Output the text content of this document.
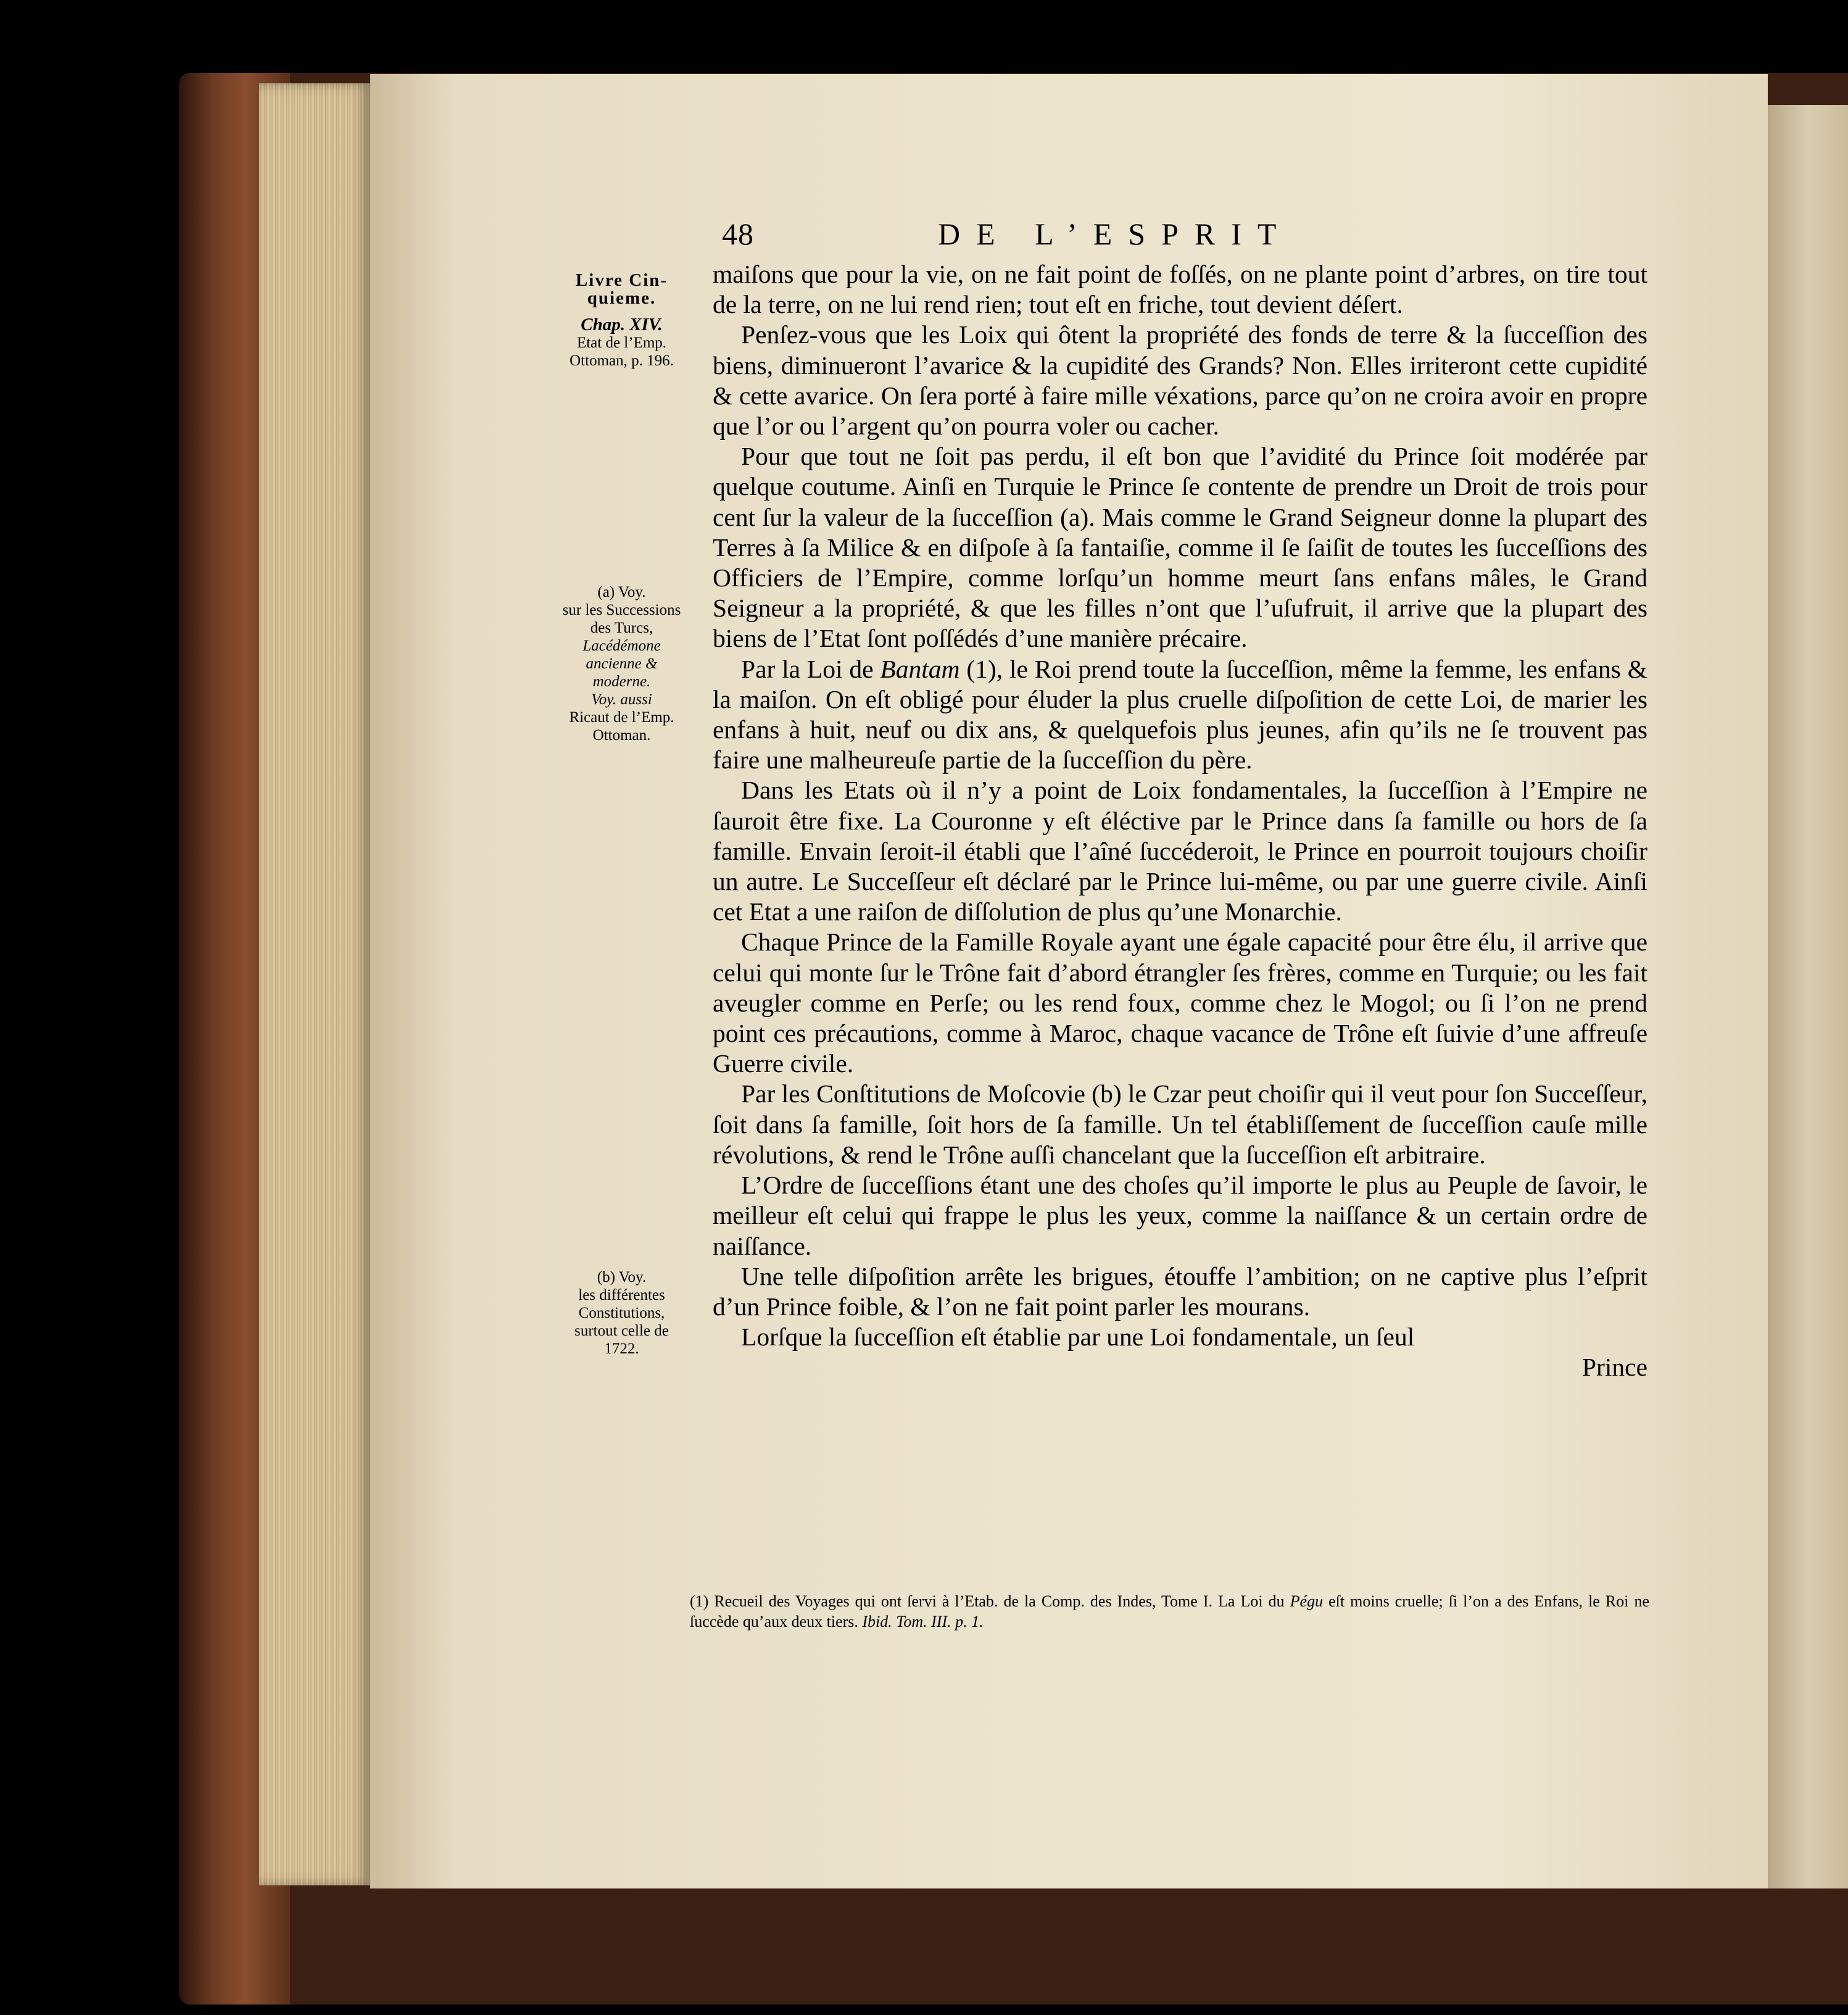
48	DE L’ESPRIT
Livre Cin-quieme.
Chap. XIV.
Etat de l’Emp. Ottoman, p. 196.
(a) Voy.
sur les Successions des Turcs,
Lacédémone ancienne & moderne.
Voy. aussi
Ricaut de l’Emp. Ottoman.
(b) Voy.
les différentes Constitutions, surtout celle de 1722.

maiſons que pour la vie, on ne fait point de foſſés, on ne plante point d’arbres, on tire tout de la terre, on ne lui rend rien; tout eſt en friche, tout devient déſert.

Penſez-vous que les Loix qui ôtent la propriété des fonds de terre & la ſucceſſion des biens, diminueront l’avarice & la cupidité des Grands? Non. Elles irriteront cette cupidité & cette avarice. On ſera porté à faire mille véxations, parce qu’on ne croira avoir en propre que l’or ou l’argent qu’on pourra voler ou cacher.

Pour que tout ne ſoit pas perdu, il eſt bon que l’avidité du Prince ſoit modérée par quelque coutume. Ainſi en Turquie le Prince ſe contente de prendre un Droit de trois pour cent ſur la valeur de la ſucceſſion (a). Mais comme le Grand Seigneur donne la plupart des Terres à ſa Milice & en diſpoſe à ſa fantaiſie, comme il ſe ſaiſit de toutes les ſucceſſions des Officiers de l’Empire, comme lorſqu’un homme meurt ſans enfans mâles, le Grand Seigneur a la propriété, & que les filles n’ont que l’uſufruit, il arrive que la plupart des biens de l’Etat ſont poſſédés d’une manière précaire.

Par la Loi de Bantam (1), le Roi prend toute la ſucceſſion, même la femme, les enfans & la maiſon. On eſt obligé pour éluder la plus cruelle diſpoſition de cette Loi, de marier les enfans à huit, neuf ou dix ans, & quelquefois plus jeunes, afin qu’ils ne ſe trouvent pas faire une malheureuſe partie de la ſucceſſion du père.

Dans les Etats où il n’y a point de Loix fondamentales, la ſucceſſion à l’Empire ne ſauroit être fixe. La Couronne y eſt éléctive par le Prince dans ſa famille ou hors de ſa famille. Envain ſeroit-il établi que l’aîné ſuccéderoit, le Prince en pourroit toujours choiſir un autre. Le Succeſſeur eſt déclaré par le Prince lui-même, ou par une guerre civile. Ainſi cet Etat a une raiſon de diſſolution de plus qu’une Monarchie.

Chaque Prince de la Famille Royale ayant une égale capacité pour être élu, il arrive que celui qui monte ſur le Trône fait d’abord étrangler ſes frères, comme en Turquie; ou les fait aveugler comme en Perſe; ou les rend foux, comme chez le Mogol; ou ſi l’on ne prend point ces précautions, comme à Maroc, chaque vacance de Trône eſt ſuivie d’une affreuſe Guerre civile.

Par les Conſtitutions de Moſcovie (b) le Czar peut choiſir qui il veut pour ſon Succeſſeur, ſoit dans ſa famille, ſoit hors de ſa famille. Un tel établiſſement de ſucceſſion cauſe mille révolutions, & rend le Trône auſſi chancelant que la ſucceſſion eſt arbitraire.

L’Ordre de ſucceſſions étant une des choſes qu’il importe le plus au Peuple de ſavoir, le meilleur eſt celui qui frappe le plus les yeux, comme la naiſſance & un certain ordre de naiſſance.

Une telle diſpoſition arrête les brigues, étouffe l’ambition; on ne captive plus l’eſprit d’un Prince foible, & l’on ne fait point parler les mourans.

Lorſque la ſucceſſion eſt établie par une Loi fondamentale, un ſeul

Prince

(1) Recueil des Voyages qui ont ſervi à l’Etab. de la Comp. des Indes, Tome I. La Loi du Pégu eſt moins cruelle; ſi l’on a des Enfans, le Roi ne ſuccède qu’aux deux tiers. Ibid. Tom. III. p. 1.
